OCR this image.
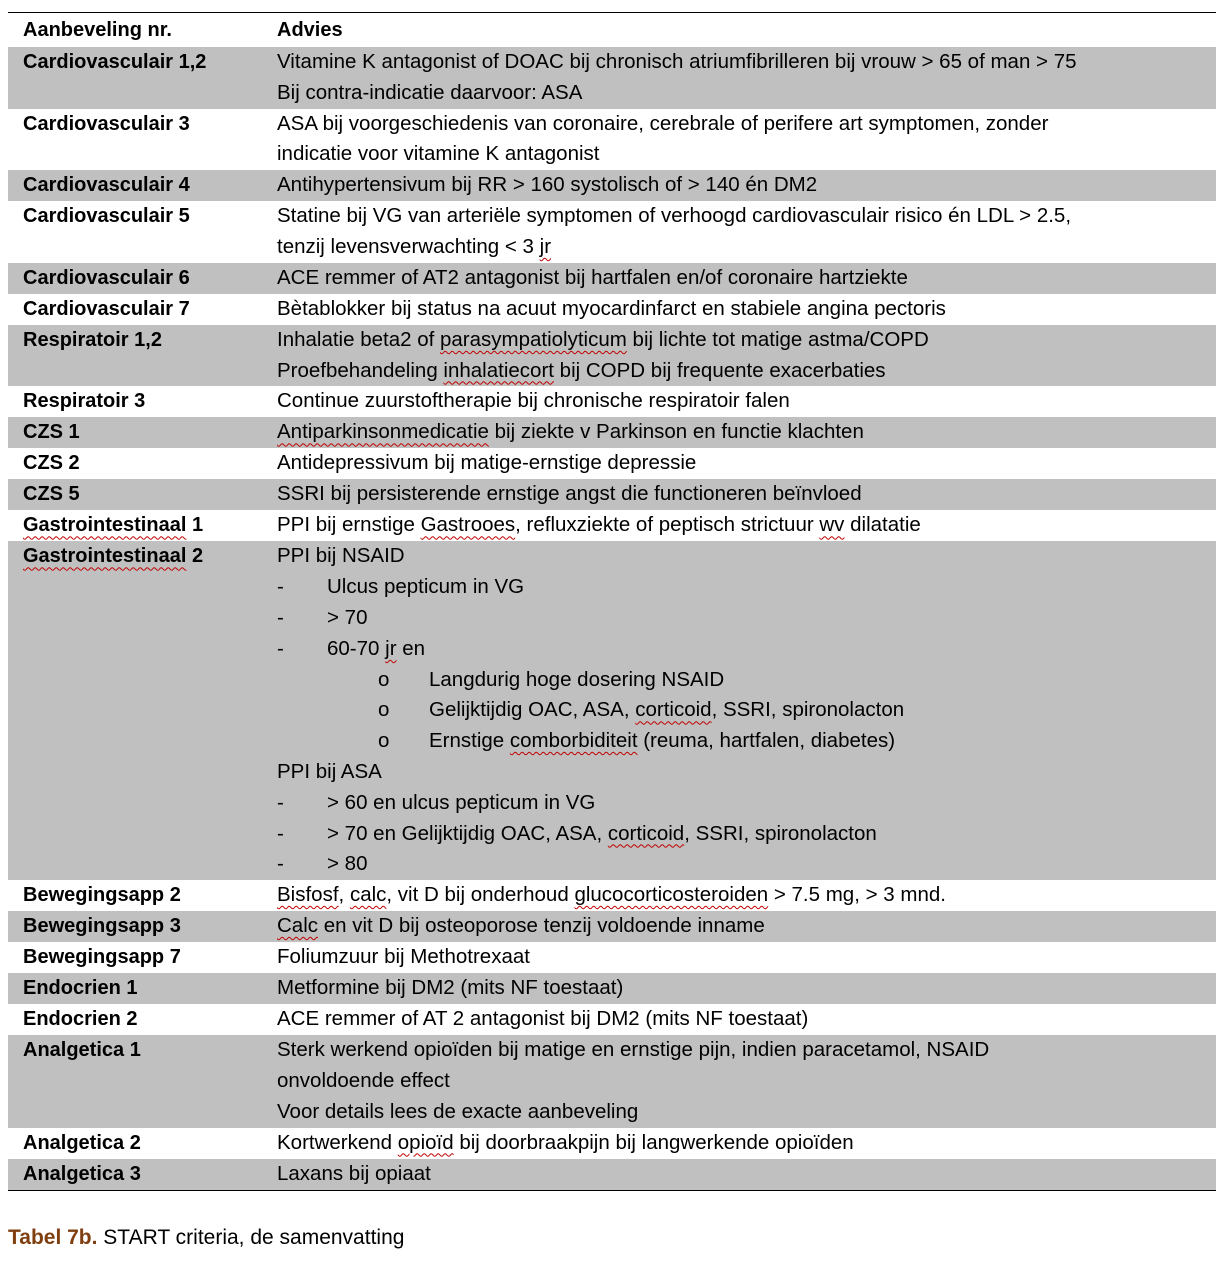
Aanbeveling nr.	Advies
Cardiovasculair 1,2	Vitamine K antagonist of DOAC bij chronisch atriumfibrilleren bij vrouw > 65 of man > 75
Bij contra-indicatie daarvoor: ASA
Cardiovasculair 3	ASA bij voorgeschiedenis van coronaire, cerebrale of perifere art symptomen, zonder
indicatie voor vitamine K antagonist
Cardiovasculair 4	Antihypertensivum bij RR > 160 systolisch of > 140 én DM2
Cardiovasculair 5	Statine bij VG van arteriële symptomen of verhoogd cardiovasculair risico én LDL > 2.5,
tenzij levensverwachting < 3 jr
Cardiovasculair 6	ACE remmer of AT2 antagonist bij hartfalen en/of coronaire hartziekte
Cardiovasculair 7	Bètablokker bij status na acuut myocardinfarct en stabiele angina pectoris
Respiratoir 1,2	Inhalatie beta2 of parasympatiolyticum bij lichte tot matige astma/COPD
Proefbehandeling inhalatiecort bij COPD bij frequente exacerbaties
Respiratoir 3	Continue zuurstoftherapie bij chronische respiratoir falen
CZS 1	Antiparkinsonmedicatie bij ziekte v Parkinson en functie klachten
CZS 2	Antidepressivum bij matige-ernstige depressie
CZS 5	SSRI bij persisterende ernstige angst die functioneren beïnvloed
Gastrointestinaal 1	PPI bij ernstige Gastrooes, refluxziekte of peptisch strictuur wv dilatatie
Gastrointestinaal 2	PPI bij NSAID
- Ulcus pepticum in VG
- > 70
- 60-70 jr en
o Langdurig hoge dosering NSAID
o Gelijktijdig OAC, ASA, corticoid, SSRI, spironolacton
o Ernstige comborbiditeit (reuma, hartfalen, diabetes)
PPI bij ASA
- > 60 en ulcus pepticum in VG
- > 70 en Gelijktijdig OAC, ASA, corticoid, SSRI, spironolacton
- > 80
Bewegingsapp 2	Bisfosf, calc, vit D bij onderhoud glucocorticosteroiden > 7.5 mg, > 3 mnd.
Bewegingsapp 3	Calc en vit D bij osteoporose tenzij voldoende inname
Bewegingsapp 7	Foliumzuur bij Methotrexaat
Endocrien 1	Metformine bij DM2 (mits NF toestaat)
Endocrien 2	ACE remmer of AT 2 antagonist bij DM2 (mits NF toestaat)
Analgetica 1	Sterk werkend opioïden bij matige en ernstige pijn, indien paracetamol, NSAID
onvoldoende effect
Voor details lees de exacte aanbeveling
Analgetica 2	Kortwerkend opioïd bij doorbraakpijn bij langwerkende opioïden
Analgetica 3	Laxans bij opiaat
Tabel 7b. START criteria, de samenvatting
